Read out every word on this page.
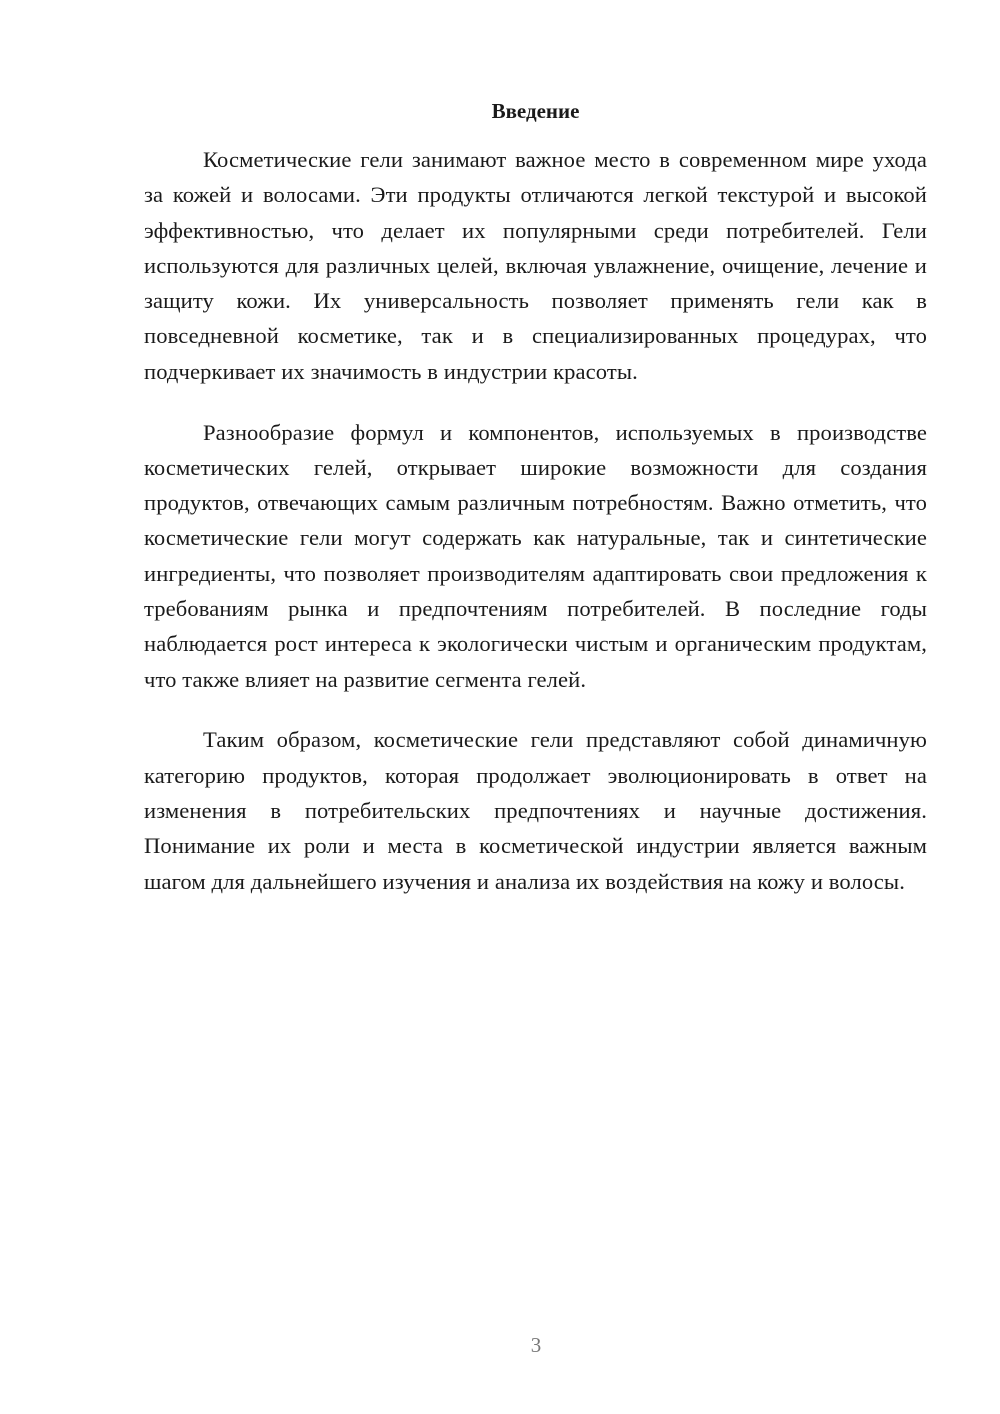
Введение

Косметические гели занимают важное место в современном мире ухода за кожей и волосами. Эти продукты отличаются легкой текстурой и высокой эффективностью, что делает их популярными среди потребителей. Гели используются для различных целей, включая увлажнение, очищение, лечение и защиту кожи. Их универсальность позволяет применять гели как в повседневной косметике, так и в специализированных процедурах, что подчеркивает их значимость в индустрии красоты.

Разнообразие формул и компонентов, используемых в производстве косметических гелей, открывает широкие возможности для создания продуктов, отвечающих самым различным потребностям. Важно отметить, что косметические гели могут содержать как натуральные, так и синтетические ингредиенты, что позволяет производителям адаптировать свои предложения к требованиям рынка и предпочтениям потребителей. В последние годы наблюдается рост интереса к экологически чистым и органическим продуктам, что также влияет на развитие сегмента гелей.

Таким образом, косметические гели представляют собой динамичную категорию продуктов, которая продолжает эволюционировать в ответ на изменения в потребительских предпочтениях и научные достижения. Понимание их роли и места в косметической индустрии является важным шагом для дальнейшего изучения и анализа их воздействия на кожу и волосы.

3
